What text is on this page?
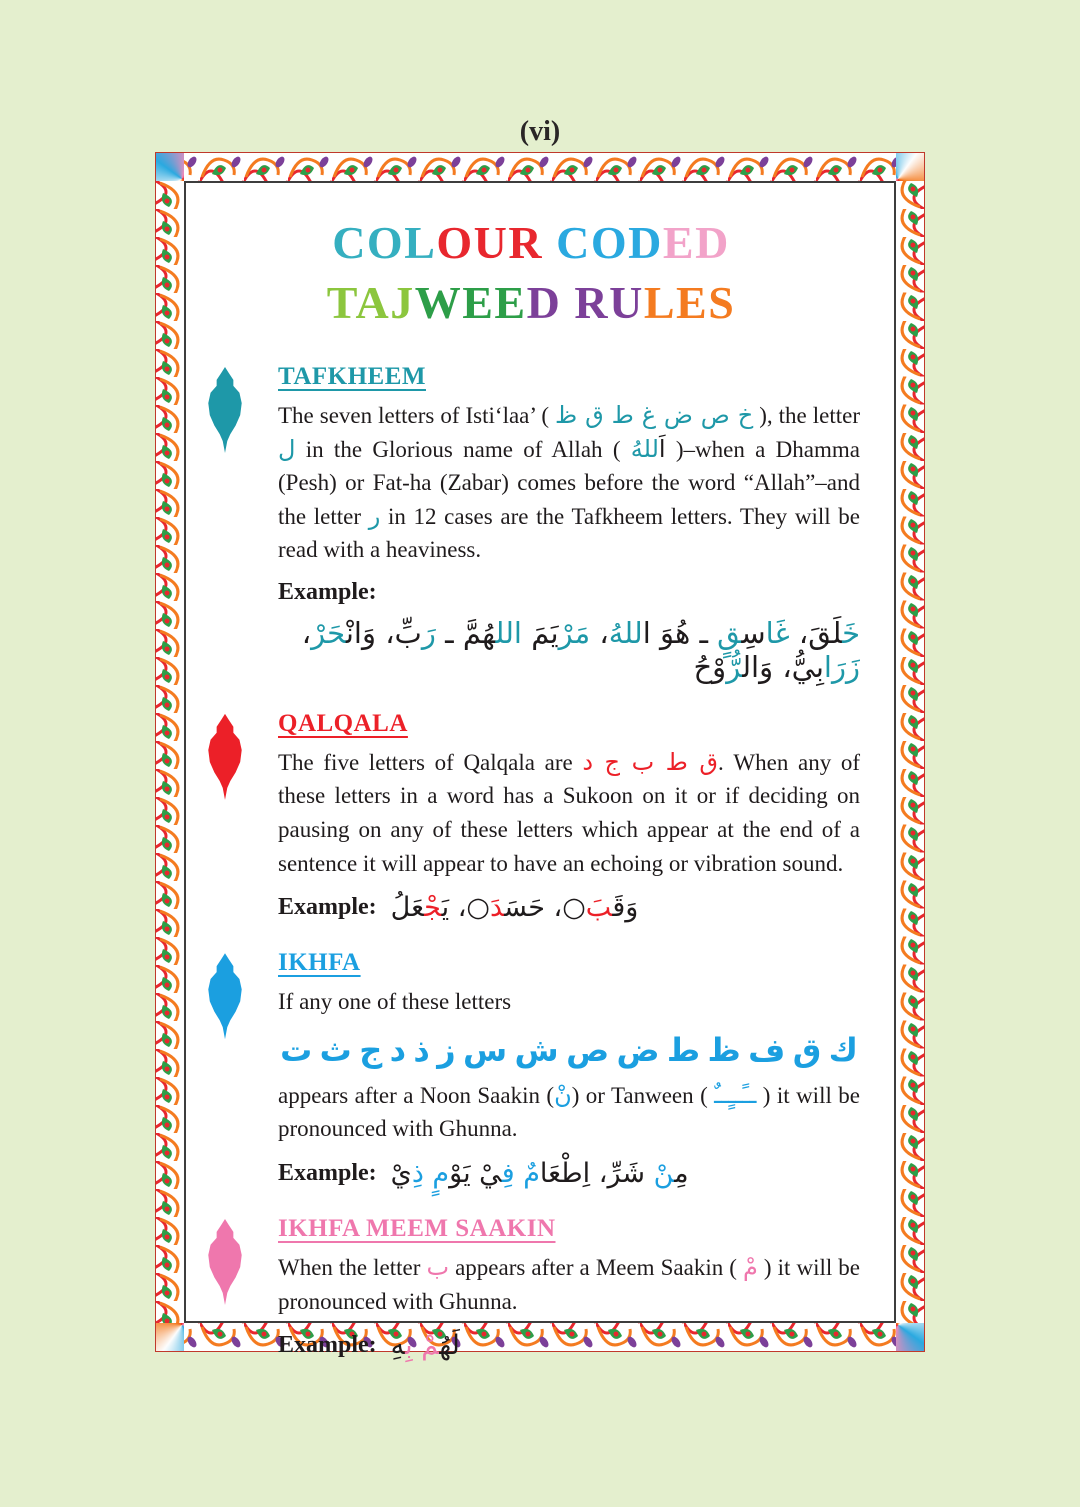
(vi)
COLOUR CODED
TAJWEED RULES
TAFKHEEM

The seven letters of Isti‘laa’ ( خ ص ض غ ط ق ظ ), the letter ل in the Glorious name of Allah ( اَللهُ )–when a Dhamma (Pesh) or Fat-ha (Zabar) comes before the word “Allah”–and the letter ر in 12 cases are the Tafkheem letters. They will be read with a heaviness.

Example:
خَلَقَ، غَاسِقٍ ـ هُوَ اللهُ، مَرْيَمَ اللهُمَّ ـ رَبِّ، وَانْحَرْ، زَرَابِيُّ، وَالرُّوْحُ
QALQALA

The five letters of Qalqala are ق ط ب ج د. When any of these letters in a word has a Sukoon on it or if deciding on pausing on any of these letters which appear at the end of a sentence it will appear to have an echoing or vibration sound.

Example:	وَقَبَ○، حَسَدَ○، يَجْعَلُ
IKHFA

If any one of these letters

ت ث ج د ذ ز س ش ص ض ط ظ ف ق ك

appears after a Noon Saakin (نْ) or Tanween ( ــًــٍــٌ ) it will be pronounced with Ghunna.

Example:	مِنْ شَرِّ، اِطْعَامٌ فِيْ يَوْمٍ ذِيْ
IKHFA MEEM SAAKIN

When the letter ب appears after a Meem Saakin ( مْ ) it will be pronounced with Ghunna.

Example:	لَهُمْ بِهِ
